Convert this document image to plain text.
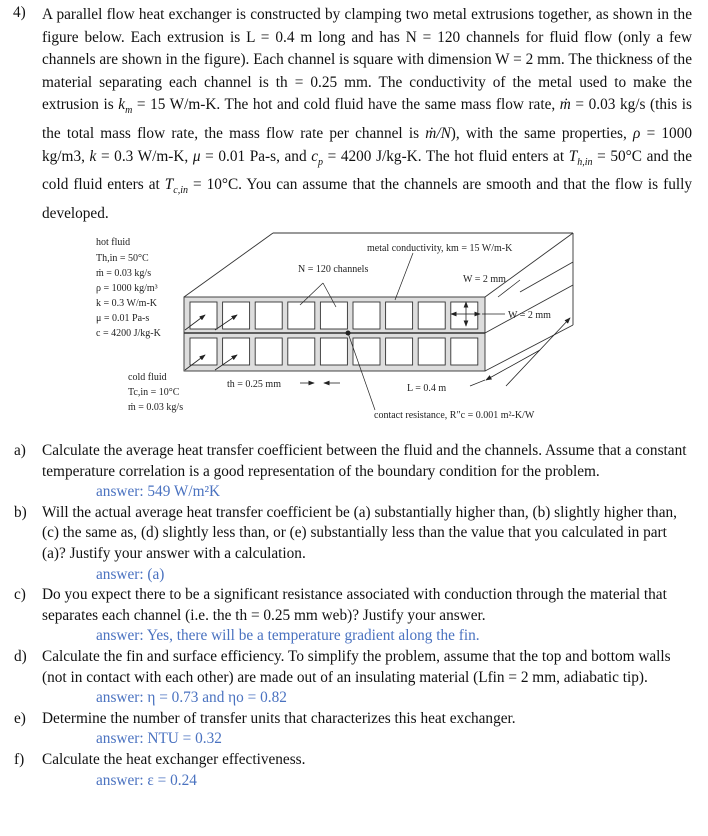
4) A parallel flow heat exchanger is constructed by clamping two metal extrusions together, as shown in the figure below. Each extrusion is L = 0.4 m long and has N = 120 channels for fluid flow (only a few channels are shown in the figure). Each channel is square with dimension W = 2 mm. The thickness of the material separating each channel is th = 0.25 mm. The conductivity of the metal used to make the extrusion is $k_m = 15$ W/m-K. The hot and cold fluid have the same mass flow rate, ṁ = 0.03 kg/s (this is the total mass flow rate, the mass flow rate per channel is ṁ/N), with the same properties, ρ = 1000 kg/m3, k = 0.3 W/m-K, μ = 0.01 Pa-s, and $c_p = 4200$ J/kg-K. The hot fluid enters at $T_{h,in} = 50^\circ C$ and the cold fluid enters at $T_{c,in} = 10^\circ C$. You can assume that the channels are smooth and that the flow is fully developed.
hot fluid
Th,in = 50°C
ṁ = 0.03 kg/s
ρ = 1000 kg/m³
k = 0.3 W/m-K
μ = 0.01 Pa-s
c = 4200 J/kg-K
cold fluid
Tc,in = 10°C
ṁ = 0.03 kg/s
metal conductivity, km = 15 W/m-K
N = 120 channels
W = 2 mm
W = 2 mm
th = 0.25 mm	L = 0.4 m
contact resistance, R″c = 0.001 m²-K/W
a)	Calculate the average heat transfer coefficient between the fluid and the channels. Assume that a constant temperature correlation is a good representation of the boundary condition for the problem.
answer: 549 W/m²K
b) Will the actual average heat transfer coefficient be (a) substantially higher than, (b) slightly higher than, (c) the same as, (d) slightly less than, or (e) substantially less than the value that you calculated in part (a)? Justify your answer with a calculation.
answer: (a)
c)	Do you expect there to be a significant resistance associated with conduction through the material that separates each channel (i.e. the th = 0.25 mm web)? Justify your answer.
answer: Yes, there will be a temperature gradient along the fin.
d) Calculate the fin and surface efficiency. To simplify the problem, assume that the top and bottom walls (not in contact with each other) are made out of an insulating material (Lfin = 2 mm, adiabatic tip).
answer: η = 0.73 and ηo = 0.82
e)	Determine the number of transfer units that characterizes this heat exchanger.
answer: NTU = 0.32
f)	Calculate the heat exchanger effectiveness.
answer: ε = 0.24
